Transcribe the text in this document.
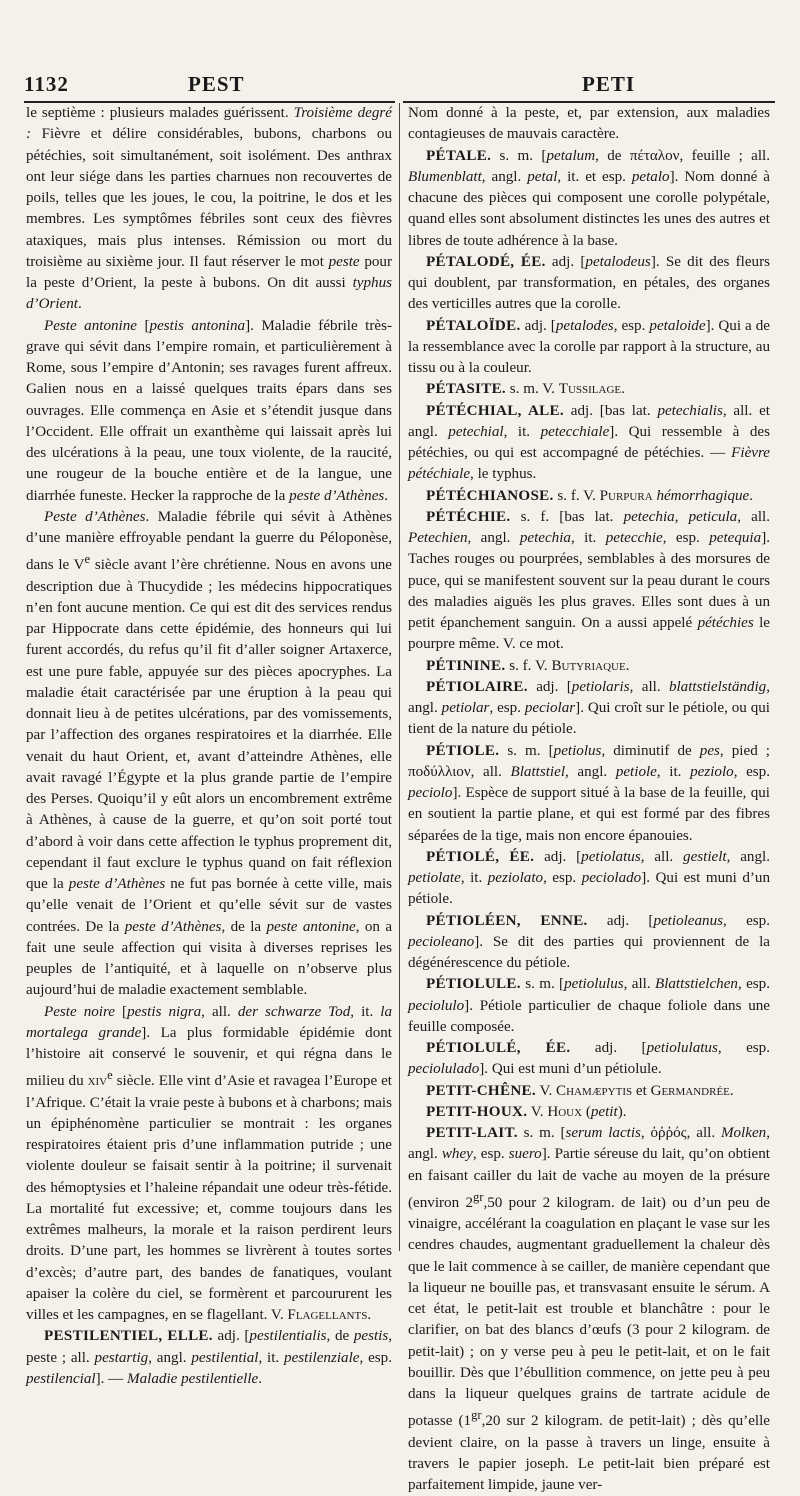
1132	PEST	PETI

le septième : plusieurs malades guérissent. Troisième degré : Fièvre et délire considérables, bubons, charbons ou pétéchies, soit simultanément, soit isolément. Des anthrax ont leur siége dans les parties charnues non recouvertes de poils, telles que les joues, le cou, la poitrine, le dos et les membres. Les symptômes fébriles sont ceux des fièvres ataxiques, mais plus intenses. Rémission ou mort du troisième au sixième jour. Il faut réserver le mot peste pour la peste d’Orient, la peste à bubons. On dit aussi typhus d’Orient.

Peste antonine [pestis antonina]. Maladie fébrile très-grave qui sévit dans l’empire romain, et particulièrement à Rome, sous l’empire d’Antonin; ses ravages furent affreux. Galien nous en a laissé quelques traits épars dans ses ouvrages. Elle commença en Asie et s’étendit jusque dans l’Occident. Elle offrait un exanthème qui laissait après lui des ulcérations à la peau, une toux violente, de la raucité, une rougeur de la bouche entière et de la langue, une diarrhée funeste. Hecker la rapproche de la peste d’Athènes.

Peste d’Athènes. Maladie fébrile qui sévit à Athènes d’une manière effroyable pendant la guerre du Péloponèse, dans le Ve siècle avant l’ère chrétienne. Nous en avons une description due à Thucydide ; les médecins hippocratiques n’en font aucune mention. Ce qui est dit des services rendus par Hippocrate dans cette épidémie, des honneurs qui lui furent accordés, du refus qu’il fit d’aller soigner Artaxerce, est une pure fable, appuyée sur des pièces apocryphes. La maladie était caractérisée par une éruption à la peau qui donnait lieu à de petites ulcérations, par des vomissements, par l’affection des organes respiratoires et la diarrhée. Elle venait du haut Orient, et, avant d’atteindre Athènes, elle avait ravagé l’Égypte et la plus grande partie de l’empire des Perses. Quoiqu’il y eût alors un encombrement extrême à Athènes, à cause de la guerre, et qu’on soit porté tout d’abord à voir dans cette affection le typhus proprement dit, cependant il faut exclure le typhus quand on fait réflexion que la peste d’Athènes ne fut pas bornée à cette ville, mais qu’elle venait de l’Orient et qu’elle sévit sur de vastes contrées. De la peste d’Athènes, de la peste antonine, on a fait une seule affection qui visita à diverses reprises les peuples de l’antiquité, et à laquelle on n’observe plus aujourd’hui de maladie exactement semblable.

Peste noire [pestis nigra, all. der schwarze Tod, it. la mortalega grande]. La plus formidable épidémie dont l’histoire ait conservé le souvenir, et qui régna dans le milieu du xiv$^e$ siècle. Elle vint d’Asie et ravagea l’Europe et l’Afrique. C’était la vraie peste à bubons et à charbons; mais un épiphénomène particulier se montrait : les organes respiratoires étaient pris d’une inflammation putride ; une violente douleur se faisait sentir à la poitrine; il survenait des hémoptysies et l’haleine répandait une odeur très-fétide. La mortalité fut excessive; et, comme toujours dans les extrêmes malheurs, la morale et la raison perdirent leurs droits. D’une part, les hommes se livrèrent à toutes sortes d’excès; d’autre part, des bandes de fanatiques, voulant apaiser la colère du ciel, se formèrent et parcoururent les villes et les campagnes, en se flagellant. V. Flagellants.

PESTILENTIEL, ELLE. adj. [pestilentialis, de pestis, peste ; all. pestartig, angl. pestilential, it. pestilenziale, esp. pestilencial]. — Maladie pestilentielle.

Nom donné à la peste, et, par extension, aux maladies contagieuses de mauvais caractère.

PÉTALE. s. m. [petalum, de πέταλον, feuille ; all. Blumenblatt, angl. petal, it. et esp. petalo]. Nom donné à chacune des pièces qui composent une corolle polypétale, quand elles sont absolument distinctes les unes des autres et libres de toute adhérence à la base.

PÉTALODÉ, ÉE. adj. [petalodeus]. Se dit des fleurs qui doublent, par transformation, en pétales, des organes des verticilles autres que la corolle.

PÉTALOÏDE. adj. [petalodes, esp. petaloide]. Qui a de la ressemblance avec la corolle par rapport à la structure, au tissu ou à la couleur.

PÉTASITE. s. m. V. Tussilage.

PÉTÉCHIAL, ALE. adj. [bas lat. petechialis, all. et angl. petechial, it. petecchiale]. Qui ressemble à des pétéchies, ou qui est accompagné de pétéchies. — Fièvre pétéchiale, le typhus.

PÉTÉCHIANOSE. s. f. V. Purpura hémorrhagique.

PÉTÉCHIE. s. f. [bas lat. petechia, peticula, all. Petechien, angl. petechia, it. petecchie, esp. petequia]. Taches rouges ou pourprées, semblables à des morsures de puce, qui se manifestent souvent sur la peau durant le cours des maladies aiguës les plus graves. Elles sont dues à un petit épanchement sanguin. On a aussi appelé pétéchies le pourpre même. V. ce mot.

PÉTININE. s. f. V. Butyriaque.

PÉTIOLAIRE. adj. [petiolaris, all. blattstielständig, angl. petiolar, esp. peciolar]. Qui croît sur le pétiole, ou qui tient de la nature du pétiole.

PÉTIOLE. s. m. [petiolus, diminutif de pes, pied ; ποδύλλιον, all. Blattstiel, angl. petiole, it. peziolo, esp. peciolo]. Espèce de support situé à la base de la feuille, qui en soutient la partie plane, et qui est formé par des fibres séparées de la tige, mais non encore épanouies.

PÉTIOLÉ, ÉE. adj. [petiolatus, all. gestielt, angl. petiolate, it. peziolato, esp. peciolado]. Qui est muni d’un pétiole.

PÉTIOLÉEN, ENNE. adj. [petioleanus, esp. pecioleano]. Se dit des parties qui proviennent de la dégénérescence du pétiole.

PÉTIOLULE. s. m. [petiolulus, all. Blattstielchen, esp. peciolulo]. Pétiole particulier de chaque foliole dans une feuille composée.

PÉTIOLULÉ, ÉE. adj. [petiolulatus, esp. peciolulado]. Qui est muni d’un pétiolule.

PETIT-CHÊNE. V. Chamæpytis et Germandrée.

PETIT-HOUX. V. Houx (petit).

PETIT-LAIT. s. m. [serum lactis, ὀῤῥός, all. Molken, angl. whey, esp. suero]. Partie séreuse du lait, qu’on obtient en faisant cailler du lait de vache au moyen de la présure (environ $2^{gr},50$ pour 2 kilogram. de lait) ou d’un peu de vinaigre, accélérant la coagulation en plaçant le vase sur les cendres chaudes, augmentant graduellement la chaleur dès que le lait commence à se cailler, de manière cependant que la liqueur ne bouille pas, et transvasant ensuite le sérum. A cet état, le petit-lait est trouble et blanchâtre : pour le clarifier, on bat des blancs d’œufs (3 pour 2 kilogram. de petit-lait) ; on y verse peu à peu le petit-lait, et on le fait bouillir. Dès que l’ébullition commence, on jette peu à peu dans la liqueur quelques grains de tartrate acidule de potasse ($1^{gr},20$ sur 2 kilogram. de petit-lait) ; dès qu’elle devient claire, on la passe à travers un linge, ensuite à travers le papier joseph. Le petit-lait bien préparé est parfaitement limpide, jaune ver-
